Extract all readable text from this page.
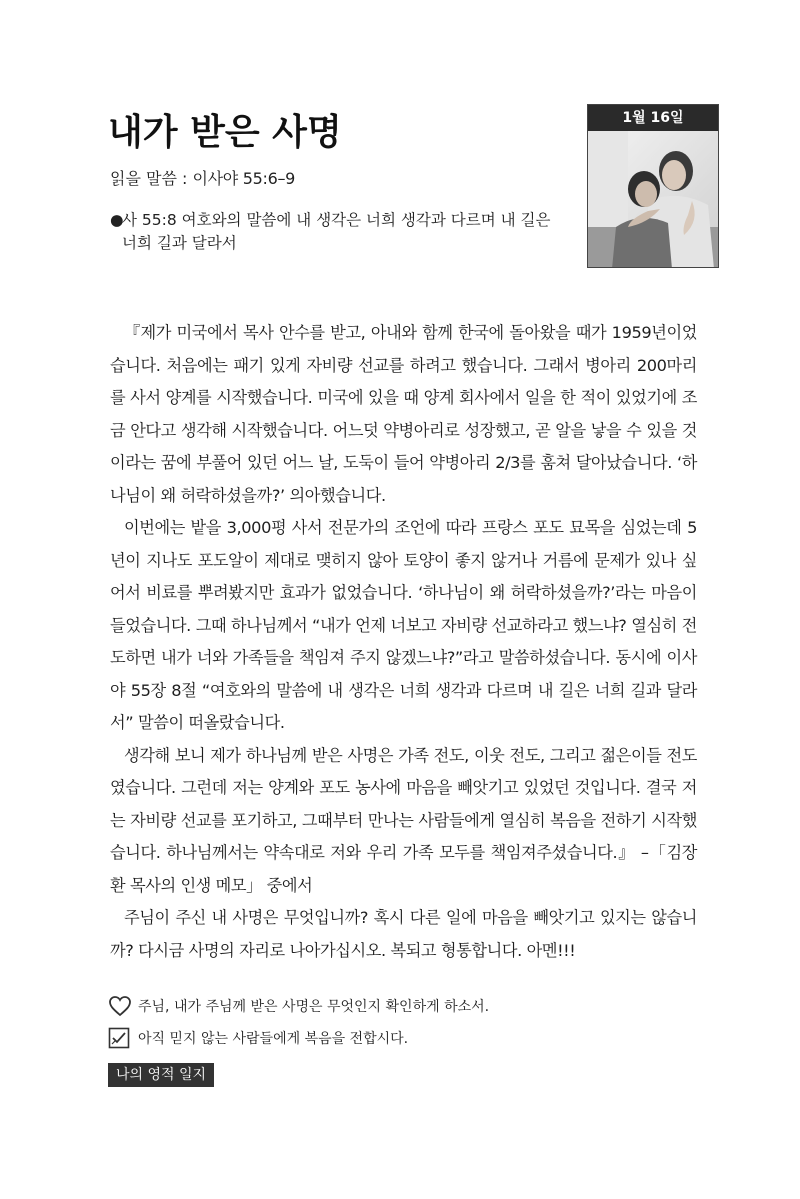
내가 받은 사명
읽을 말씀 : 이사야 55:6–9
●사 55:8 여호와의 말씀에 내 생각은 너희 생각과 다르며 내 길은
너희 길과 달라서
1월 16일

『제가 미국에서 목사 안수를 받고, 아내와 함께 한국에 돌아왔을 때가 1959년이었습니다. 처음에는 패기 있게 자비량 선교를 하려고 했습니다. 그래서 병아리 200마리를 사서 양계를 시작했습니다. 미국에 있을 때 양계 회사에서 일을 한 적이 있었기에 조금 안다고 생각해 시작했습니다. 어느덧 약병아리로 성장했고, 곧 알을 낳을 수 있을 것이라는 꿈에 부풀어 있던 어느 날, 도둑이 들어 약병아리 2/3를 훔쳐 달아났습니다. ‘하나님이 왜 허락하셨을까?’ 의아했습니다.

이번에는 밭을 3,000평 사서 전문가의 조언에 따라 프랑스 포도 묘목을 심었는데 5년이 지나도 포도알이 제대로 맺히지 않아 토양이 좋지 않거나 거름에 문제가 있나 싶어서 비료를 뿌려봤지만 효과가 없었습니다. ‘하나님이 왜 허락하셨을까?’라는 마음이 들었습니다. 그때 하나님께서 “내가 언제 너보고 자비량 선교하라고 했느냐? 열심히 전도하면 내가 너와 가족들을 책임져 주지 않겠느냐?”라고 말씀하셨습니다. 동시에 이사야 55장 8절 “여호와의 말씀에 내 생각은 너희 생각과 다르며 내 길은 너희 길과 달라서” 말씀이 떠올랐습니다.

생각해 보니 제가 하나님께 받은 사명은 가족 전도, 이웃 전도, 그리고 젊은이들 전도였습니다. 그런데 저는 양계와 포도 농사에 마음을 빼앗기고 있었던 것입니다. 결국 저는 자비량 선교를 포기하고, 그때부터 만나는 사람들에게 열심히 복음을 전하기 시작했습니다. 하나님께서는 약속대로 저와 우리 가족 모두를 책임져주셨습니다.』 –「김장환 목사의 인생 메모」 중에서

주님이 주신 내 사명은 무엇입니까? 혹시 다른 일에 마음을 빼앗기고 있지는 않습니까? 다시금 사명의 자리로 나아가십시오. 복되고 형통합니다. 아멘!!!

주님, 내가 주님께 받은 사명은 무엇인지 확인하게 하소서.
아직 믿지 않는 사람들에게 복음을 전합시다.
나의 영적 일지
